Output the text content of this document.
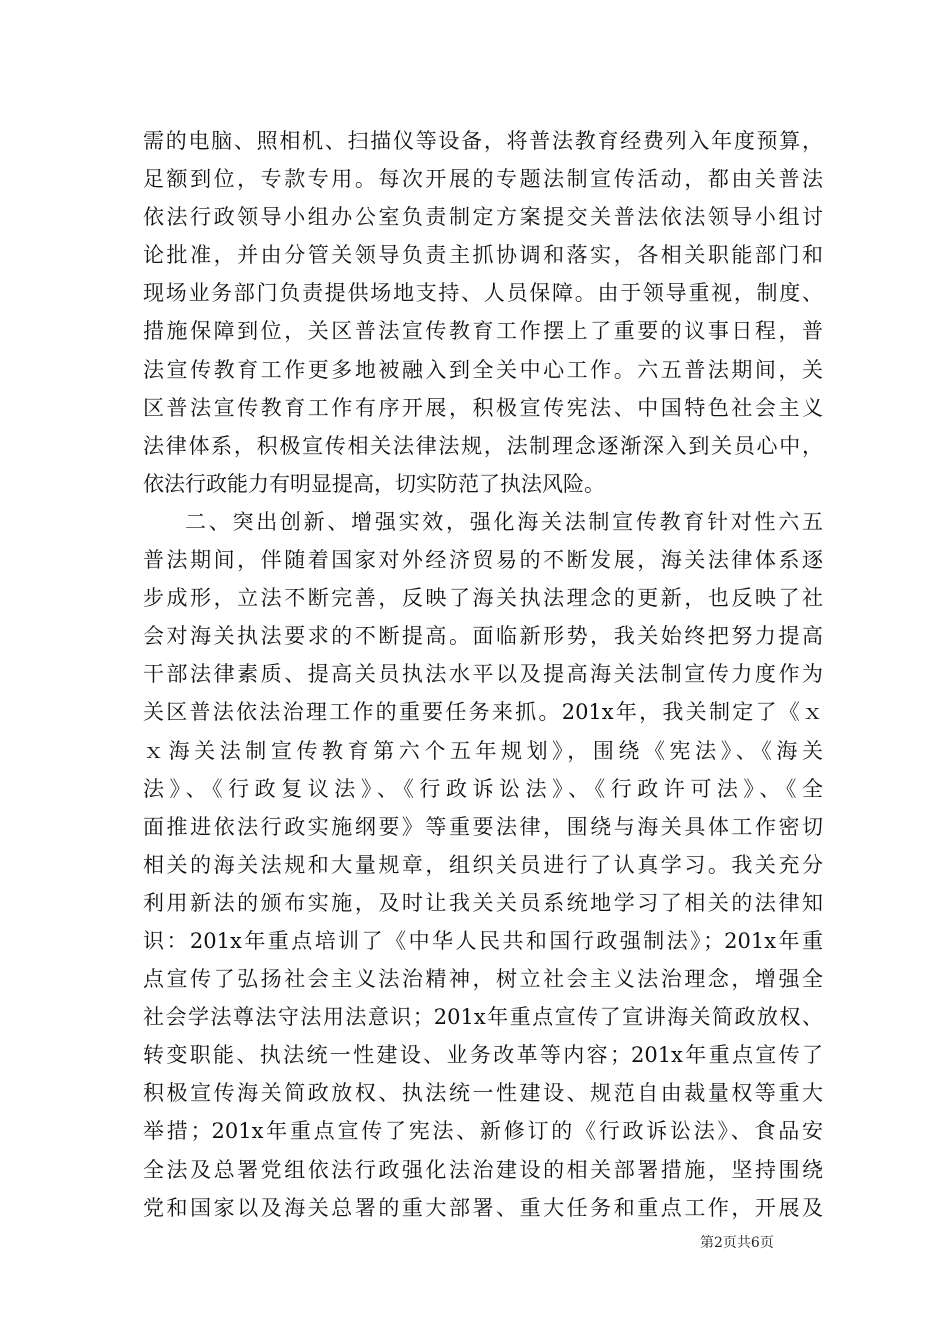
需的电脑、照相机、扫描仪等设备，将普法教育经费列入年度预算，
足额到位，专款专用。每次开展的专题法制宣传活动，都由关普法
依法行政领导小组办公室负责制定方案提交关普法依法领导小组讨
论批准，并由分管关领导负责主抓协调和落实，各相关职能部门和
现场业务部门负责提供场地支持、人员保障。由于领导重视，制度、
措施保障到位，关区普法宣传教育工作摆上了重要的议事日程，普
法宣传教育工作更多地被融入到全关中心工作。六五普法期间，关
区普法宣传教育工作有序开展，积极宣传宪法、中国特色社会主义
法律体系，积极宣传相关法律法规，法制理念逐渐深入到关员心中，
依法行政能力有明显提高，切实防范了执法风险。
二、突出创新、增强实效，强化海关法制宣传教育针对性六五
普法期间，伴随着国家对外经济贸易的不断发展，海关法律体系逐
步成形，立法不断完善，反映了海关执法理念的更新，也反映了社
会对海关执法要求的不断提高。面临新形势，我关始终把努力提高
干部法律素质、提高关员执法水平以及提高海关法制宣传力度作为
关区普法依法治理工作的重要任务来抓。201x年，我关制定了《ｘ
ｘ海关法制宣传教育第六个五年规划》，围绕《宪法》、《海关
法》、《行政复议法》、《行政诉讼法》、《行政许可法》、《全
面推进依法行政实施纲要》等重要法律，围绕与海关具体工作密切
相关的海关法规和大量规章，组织关员进行了认真学习。我关充分
利用新法的颁布实施，及时让我关关员系统地学习了相关的法律知
识：201x年重点培训了《中华人民共和国行政强制法》；201x年重
点宣传了弘扬社会主义法治精神，树立社会主义法治理念，增强全
社会学法尊法守法用法意识；201x年重点宣传了宣讲海关简政放权、
转变职能、执法统一性建设、业务改革等内容；201x年重点宣传了
积极宣传海关简政放权、执法统一性建设、规范自由裁量权等重大
举措；201x年重点宣传了宪法、新修订的《行政诉讼法》、食品安
全法及总署党组依法行政强化法治建设的相关部署措施，坚持围绕
党和国家以及海关总署的重大部署、重大任务和重点工作，开展及
第2页共6页
